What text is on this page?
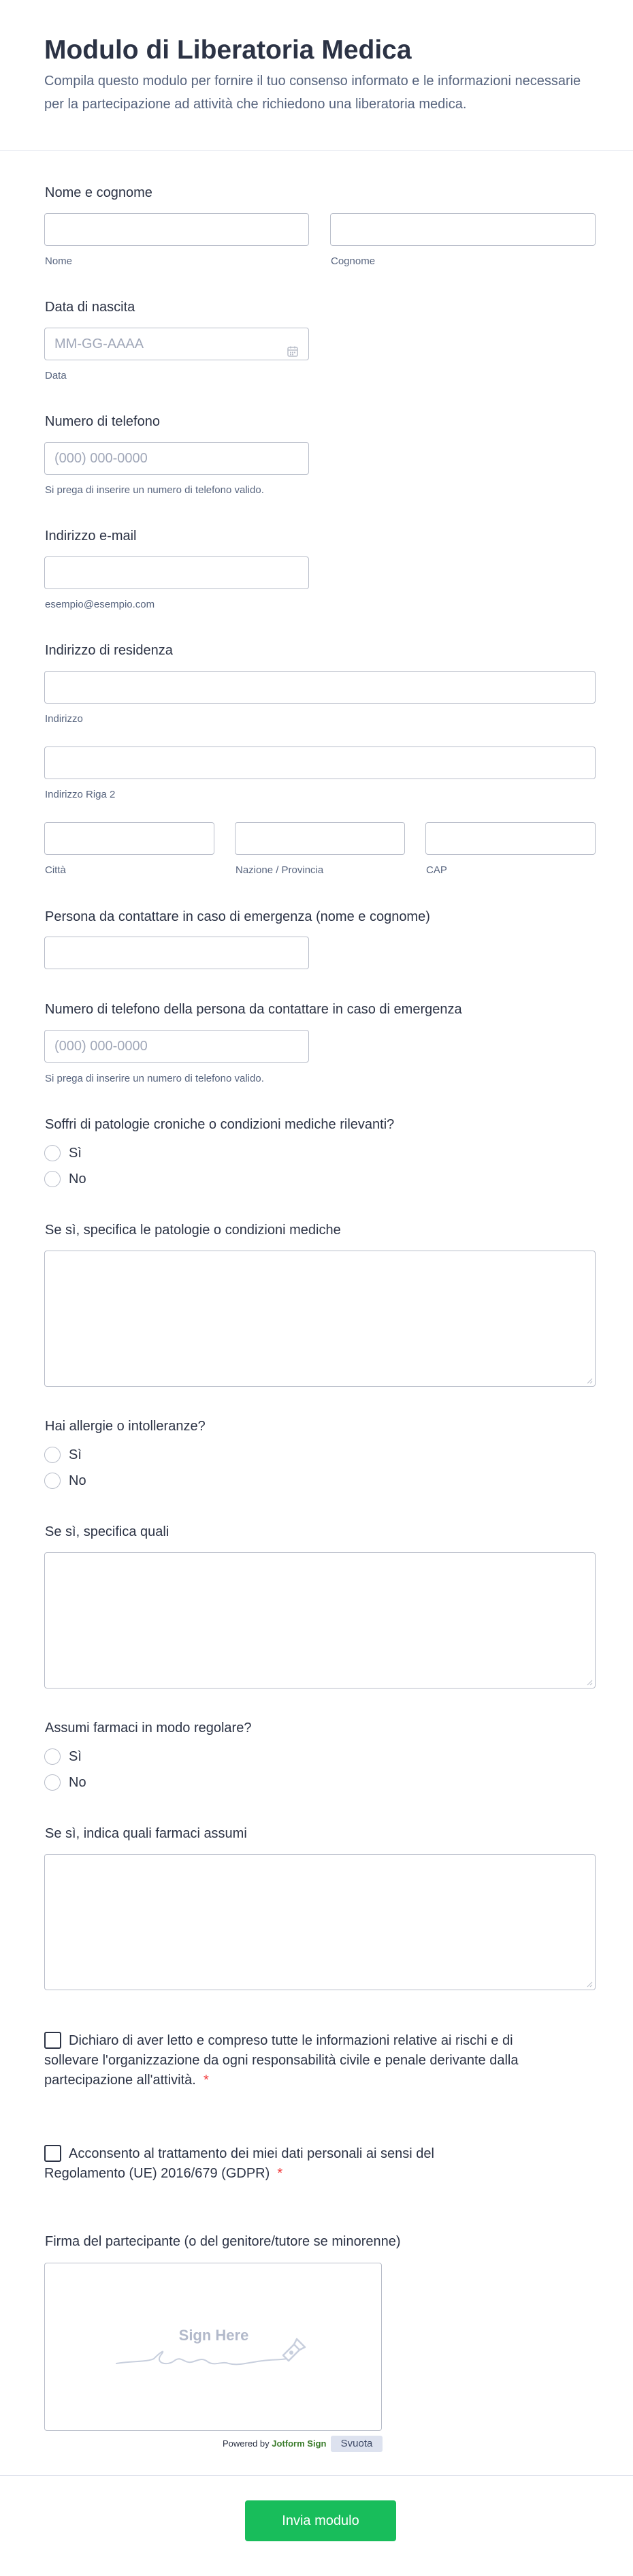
Modulo di Liberatoria Medica
Compila questo modulo per fornire il tuo consenso informato e le informazioni necessarie per la partecipazione ad attività che richiedono una liberatoria medica.
Nome e cognome
Nome	Cognome
Data di nascita
MM-GG-AAAA
Data
Numero di telefono
(000) 000-0000
Si prega di inserire un numero di telefono valido.
Indirizzo e-mail
esempio@esempio.com
Indirizzo di residenza
Indirizzo
Indirizzo Riga 2
Città	Nazione / Provincia	CAP
Persona da contattare in caso di emergenza (nome e cognome)
Numero di telefono della persona da contattare in caso di emergenza
(000) 000-0000
Si prega di inserire un numero di telefono valido.
Soffri di patologie croniche o condizioni mediche rilevanti?
Sì
No
Se sì, specifica le patologie o condizioni mediche
Hai allergie o intolleranze?
Sì
No
Se sì, specifica quali
Assumi farmaci in modo regolare?
Sì
No
Se sì, indica quali farmaci assumi
Dichiaro di aver letto e compreso tutte le informazioni relative ai rischi e di sollevare l'organizzazione da ogni responsabilità civile e penale derivante dalla partecipazione all'attività. *
Acconsento al trattamento dei miei dati personali ai sensi del Regolamento (UE) 2016/679 (GDPR) *
Firma del partecipante (o del genitore/tutore se minorenne)
Sign Here
Powered by Jotform Sign	Svuota
Invia modulo
